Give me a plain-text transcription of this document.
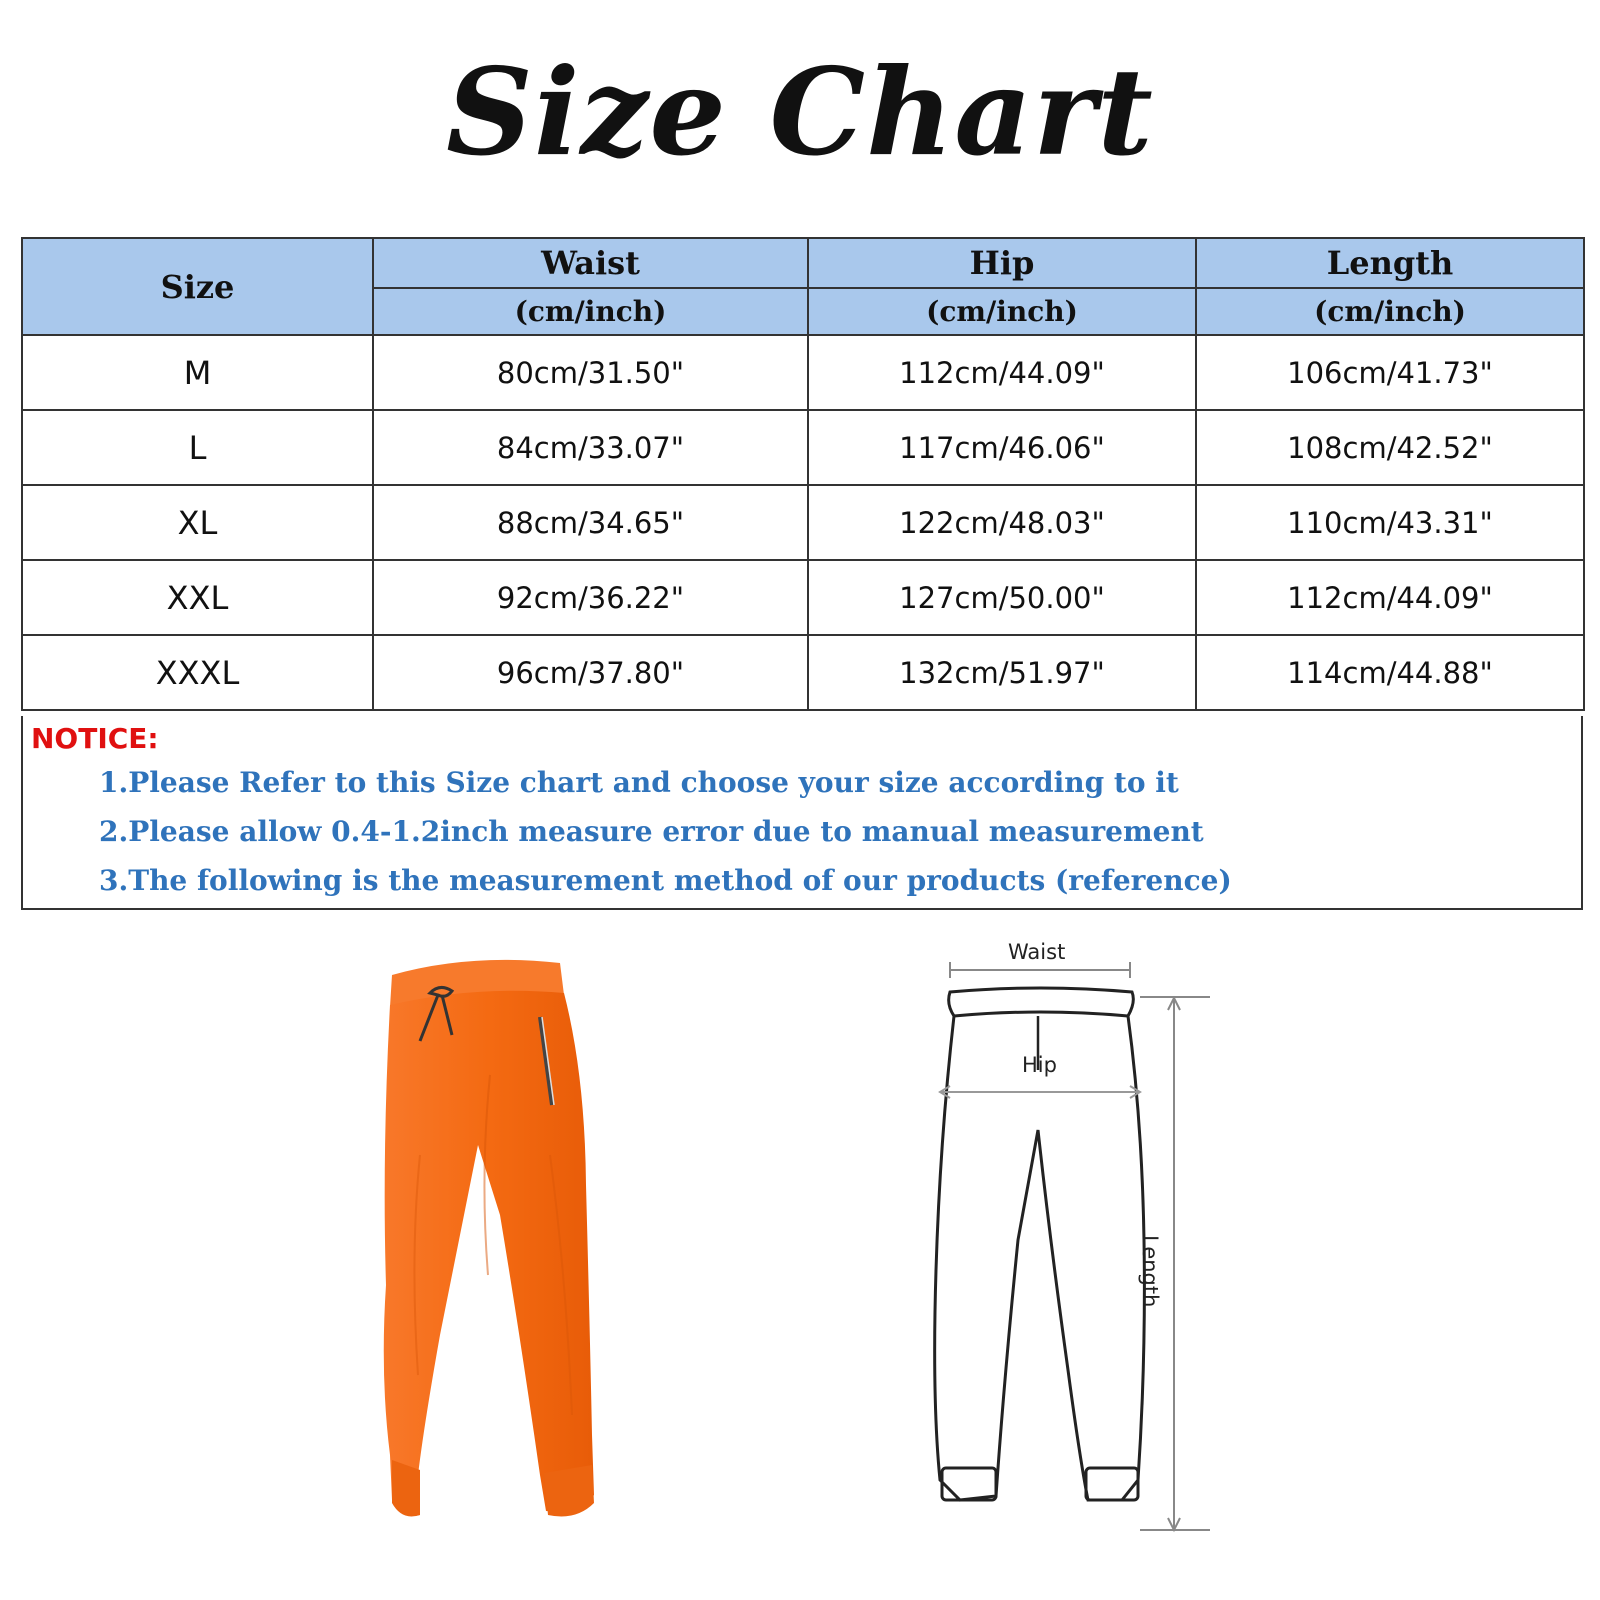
Size Chart
Size	Waist	Hip	Length
	(cm/inch)	(cm/inch)	(cm/inch)
M	80cm/31.50"	112cm/44.09"	106cm/41.73"
L	84cm/33.07"	117cm/46.06"	108cm/42.52"
XL	88cm/34.65"	122cm/48.03"	110cm/43.31"
XXL	92cm/36.22"	127cm/50.00"	112cm/44.09"
XXXL	96cm/37.80"	132cm/51.97"	114cm/44.88"
NOTICE:
1.Please Refer to this Size chart and choose your size according to it
2.Please allow 0.4-1.2inch measure error due to manual measurement
3.The following is the measurement method of our products (reference)
Waist
Hip
Length
